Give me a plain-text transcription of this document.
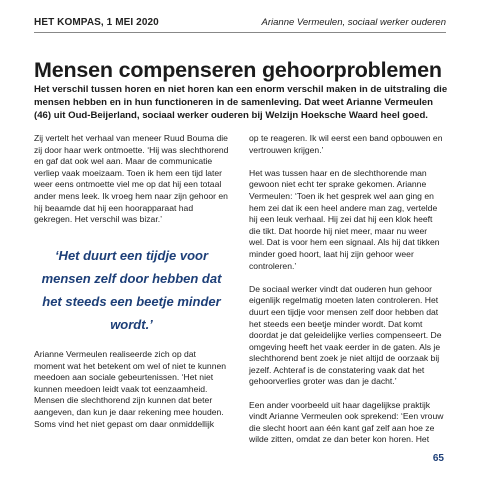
HET KOMPAS, 1 MEI 2020	Arianne Vermeulen, sociaal werker ouderen
Mensen compenseren gehoorproblemen
Het verschil tussen horen en niet horen kan een enorm verschil maken in de uitstraling die mensen hebben en in hun functioneren in de samenleving. Dat weet Arianne Vermeulen (46) uit Oud-Beijerland, sociaal werker ouderen bij Welzijn Hoeksche Waard heel goed.

Zij vertelt het verhaal van meneer Ruud Bouma die zij door haar werk ontmoette. ‘Hij was slechthorend en gaf dat ook wel aan. Maar de communicatie verliep vaak moeizaam. Toen ik hem een tijd later weer eens ontmoette viel me op dat hij een totaal ander mens leek. Ik vroeg hem naar zijn gehoor en hij beaamde dat hij een hoorapparaat had gekregen. Het verschil was bizar.’

‘Het duurt een tijdje voor mensen zelf door hebben dat het steeds een beetje minder wordt.’

Arianne Vermeulen realiseerde zich op dat moment wat het betekent om wel of niet te kunnen meedoen aan sociale gebeurtenissen. ‘Het niet kunnen meedoen leidt vaak tot eenzaamheid. Mensen die slechthorend zijn kunnen dat beter aangeven, dan kun je daar rekening mee houden. Soms vind het niet gepast om daar onmiddellijk

op te reageren. Ik wil eerst een band opbouwen en vertrouwen krijgen.’

Het was tussen haar en de slechthorende man gewoon niet echt ter sprake gekomen. Arianne Vermeulen: ‘Toen ik het gesprek wel aan ging en hem zei dat ik een heel andere man zag, vertelde hij een leuk verhaal. Hij zei dat hij een klok heeft die tikt. Dat hoorde hij niet meer, maar nu weer wel. Dat is voor hem een signaal. Als hij dat tikken minder goed hoort, laat hij zijn gehoor weer controleren.’

De sociaal werker vindt dat ouderen hun gehoor eigenlijk regelmatig moeten laten controleren. Het duurt een tijdje voor mensen zelf door hebben dat het steeds een beetje minder wordt. Dat komt doordat je dat geleidelijke verlies compenseert. De omgeving heeft het vaak eerder in de gaten. Als je slechthorend bent zoek je niet altijd de oorzaak bij jezelf. Achteraf is de constatering vaak dat het gehoorverlies groter was dan je dacht.’

Een ander voorbeeld uit haar dagelijkse praktijk vindt Arianne Vermeulen ook sprekend: ‘Een vrouw die slecht hoort aan één kant gaf zelf aan hoe ze wilde zitten, omdat ze dan beter kon horen. Het

65
